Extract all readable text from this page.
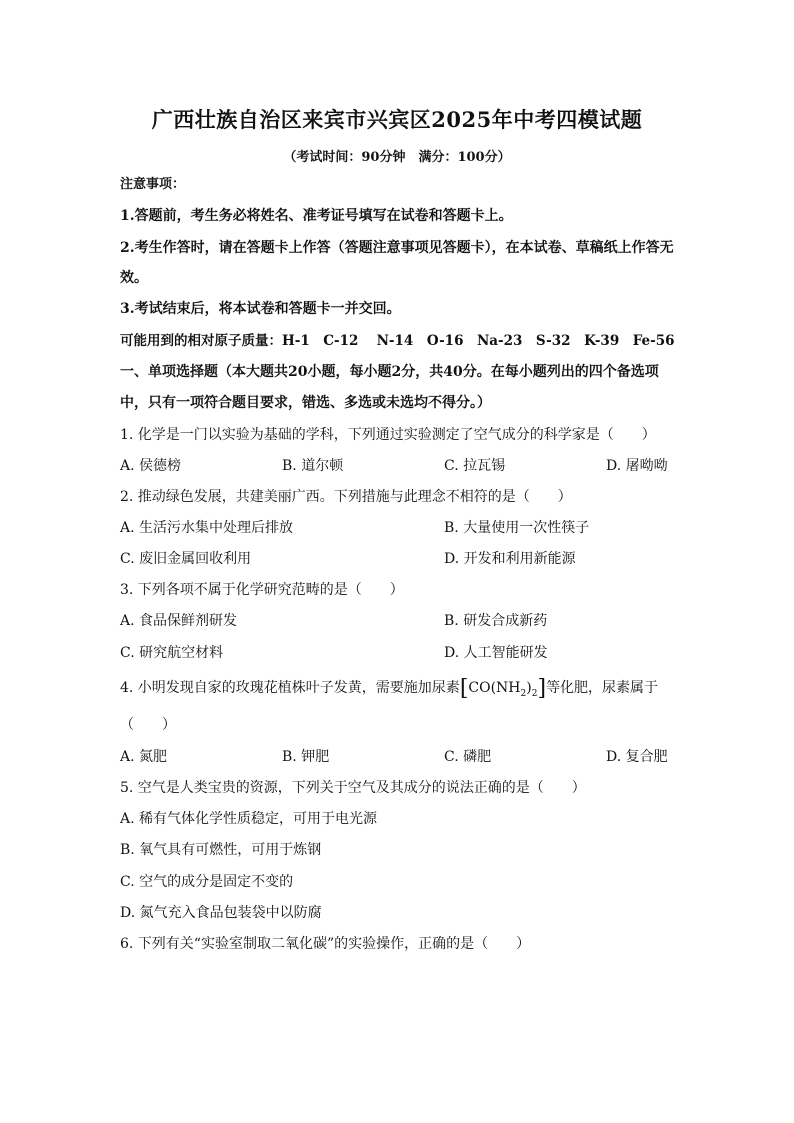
广西壮族自治区来宾市兴宾区2025年中考四模试题
（考试时间：90分钟　满分：100分）
注意事项：
1.答题前，考生务必将姓名、准考证号填写在试卷和答题卡上。
2.考生作答时，请在答题卡上作答（答题注意事项见答题卡），在本试卷、草稿纸上作答无
效。
3.考试结束后，将本试卷和答题卡一并交回。
可能用到的相对原子质量：H-1　C-12　 N-14　O-16　Na-23　S-32　K-39　Fe-56
一、单项选择题（本大题共20小题，每小题2分，共40分。在每小题列出的四个备选项
中，只有一项符合题目要求，错选、多选或未选均不得分。）
1. 化学是一门以实验为基础的学科，下列通过实验测定了空气成分的科学家是（　　）
A. 侯德榜	B. 道尔顿	C. 拉瓦锡	D. 屠呦呦
2. 推动绿色发展，共建美丽广西。下列措施与此理念不相符的是（　　）
A. 生活污水集中处理后排放	B. 大量使用一次性筷子
C. 废旧金属回收利用	D. 开发和利用新能源
3. 下列各项不属于化学研究范畴的是（　　）
A. 食品保鲜剂研发	B. 研发合成新药
C. 研究航空材料	D. 人工智能研发
4. 小明发现自家的玫瑰花植株叶子发黄，需要施加尿素$[CO(NH_2)_2]$等化肥，尿素属于
（　　）
A. 氮肥	B. 钾肥	C. 磷肥	D. 复合肥
5. 空气是人类宝贵的资源，下列关于空气及其成分的说法正确的是（　　）
A. 稀有气体化学性质稳定，可用于电光源
B. 氧气具有可燃性，可用于炼钢
C. 空气的成分是固定不变的
D. 氮气充入食品包装袋中以防腐
6. 下列有关“实验室制取二氧化碳”的实验操作，正确的是（　　）
